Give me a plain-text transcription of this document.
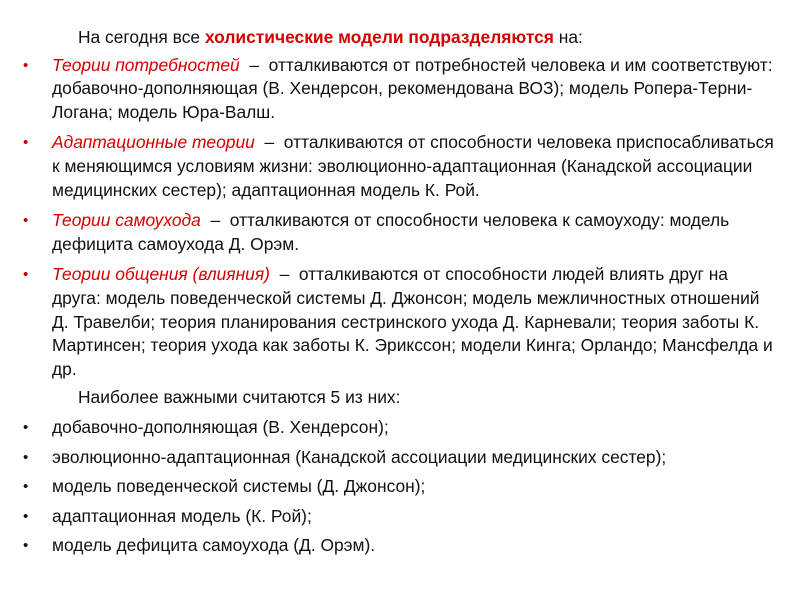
На сегодня все холистические модели подразделяются на:

• Теории потребностей  –  отталкиваются от потребностей человека и им соответствуют: добавочно-дополняющая (В. Хендерсон, рекомендована ВОЗ); модель Ропера-Терни-Логана; модель Юра-Валш.
• Адаптационные теории  –  отталкиваются от способности человека приспосабливаться к меняющимся условиям жизни: эволюционно-адаптационная (Канадской ассоциации медицинских сестер); адаптационная модель К. Рой.
• Теории самоухода  –  отталкиваются от способности человека к самоуходу: модель дефицита самоухода Д. Орэм.
• Теории общения (влияния)  –  отталкиваются от способности людей влиять друг на друга: модель поведенческой системы Д. Джонсон; модель межличностных отношений Д. Травелби; теория планирования сестринского ухода Д. Карневали; теория заботы К. Мартинсен; теория ухода как заботы К. Эрикссон; модели Кинга; Орландо; Мансфелда и др.

Наиболее важными считаются 5 из них:

• добавочно-дополняющая (В. Хендерсон);
• эволюционно-адаптационная (Канадской ассоциации медицинских сестер);
• модель поведенческой системы (Д. Джонсон);
• адаптационная модель (К. Рой);
• модель дефицита самоухода (Д. Орэм).
